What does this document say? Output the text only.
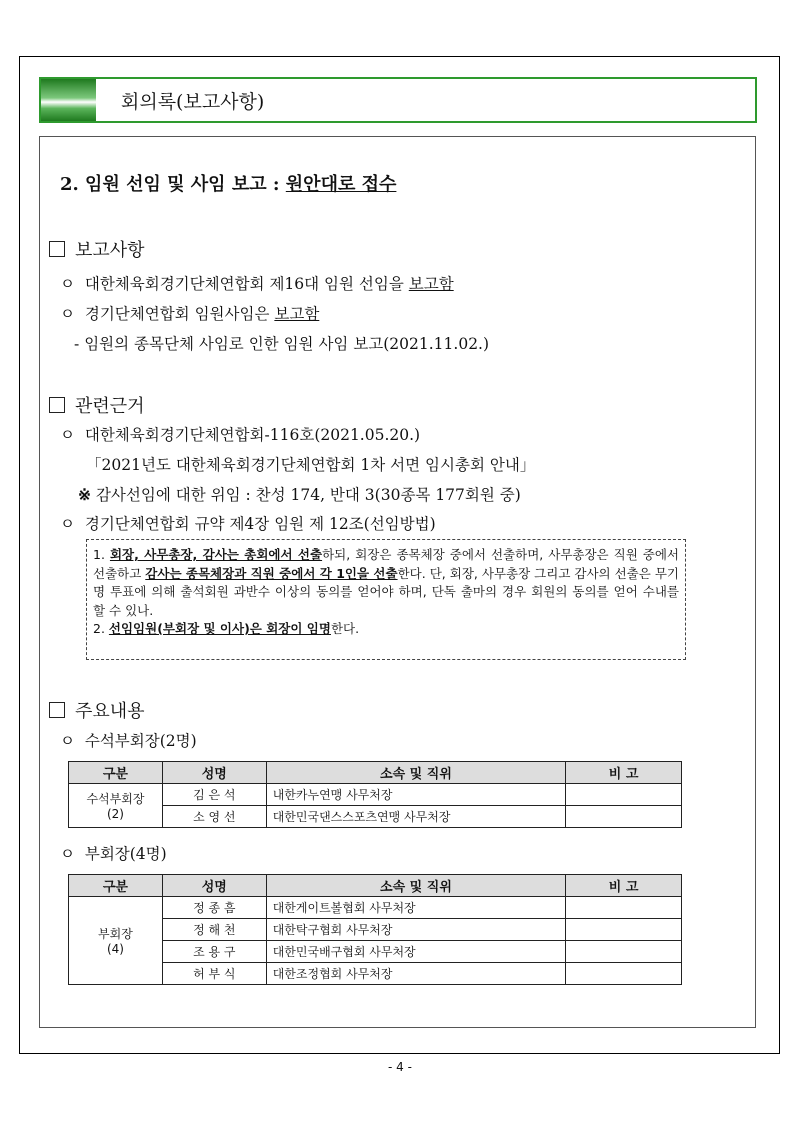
회의록(보고사항)
2. 임원 선임 및 사임 보고 : 원안대로 접수
보고사항
ㅇ 대한체육회경기단체연합회 제16대 임원 선임을 보고함
ㅇ 경기단체연합회 임원사임은 보고함
- 임원의 종목단체 사임로 인한 임원 사임 보고(2021.11.02.)
관련근거
ㅇ 대한체육회경기단체연합회-116호(2021.05.20.)
「2021년도 대한체육회경기단체연합회 1차 서면 임시총회 안내」
※ 감사선임에 대한 위임 : 찬성 174, 반대 3(30종목 177회원 중)
ㅇ 경기단체연합회 규약 제4장 임원 제 12조(선임방법)

1. 회장, 사무총장, 감사는 총회에서 선출하되, 회장은 종목체장 중에서 선출하며, 사무총장은 직원 중에서 선출하고 감사는 종목체장과 직원 중에서 각 1인을 선출한다. 단, 회장, 사무총장 그리고 감사의 선출은 무기명 투표에 의해 출석회원 과반수 이상의 동의를 얻어야 하며, 단독 출마의 경우 회원의 동의를 얻어 수내를 할 수 있나.

2. 선임임원(부회장 및 이사)은 회장이 임명한다.

주요내용
ㅇ 수석부회장(2명)
구분	성명	소속 및 직위	비 고
수석부회장
(2)	김 은 석	내한카누연맹 사무처장	
	소 영 선	대한민국댄스스포츠연맹 사무처장	
ㅇ 부회장(4명)
구분	성명	소속 및 직위	비 고
부회장
(4)	정 종 흠	대한게이트볼협회 사무처장	
	정 해 천	대한탁구협회 사무처장	
	조 용 구	대한민국배구협회 사무처장	
	허 부 식	대한조정협회 사무처장	
- 4 -
